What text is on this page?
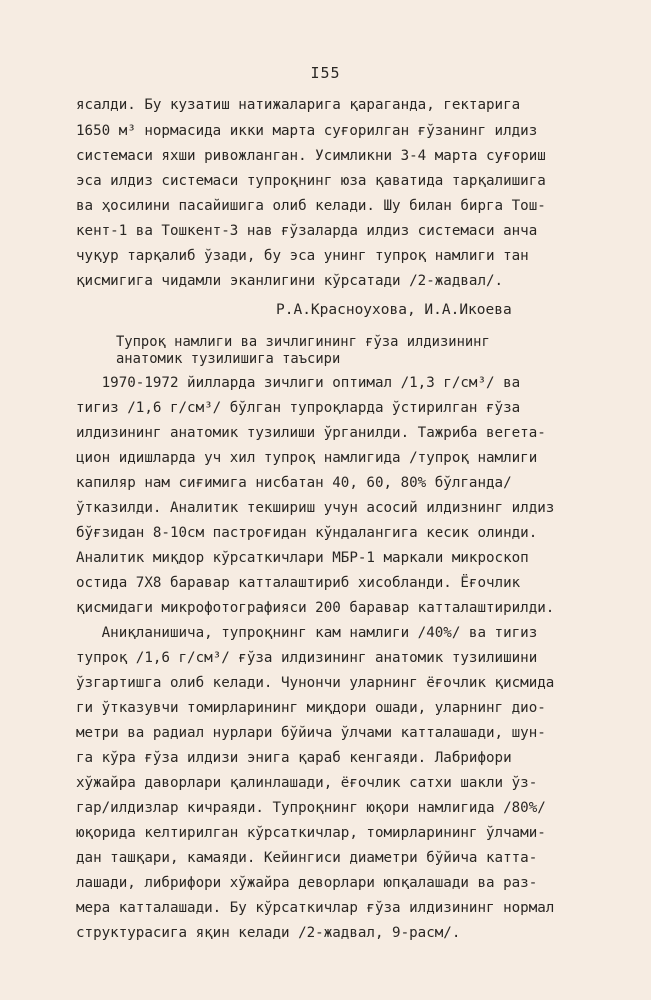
I55
ясалди. Бу кузатиш натижаларига қараганда, гектарига
1650 м³ нормасида икки марта суғорилган ғўзанинг илдиз
системаси яхши ривожланган. Усимликни 3-4 марта суғориш
эса илдиз системаси тупроқнинг юза қаватида тарқалишига
ва ҳосилини пасайишига олиб келади. Шу билан бирга Тош-
кент-1 ва Тошкент-3 нав ғўзаларда илдиз системаси анча
чуқур тарқалиб ўзади, бу эса унинг тупроқ намлиги тан
қисмигига чидамли эканлигини кўрсатади /2-жадвал/.
Р.А.Красноухова, И.А.Икоева
Тупроқ намлиги ва зичлигининг ғўза илдизининг
анатомик тузилишига таъсири
1970-1972 йилларда зичлиги оптимал /1,3 г/см³/ ва
тигиз /1,6 г/см³/ бўлган тупроқларда ўстирилган ғўза
илдизининг анатомик тузилиши ўрганилди. Тажриба вегета-
цион идишларда уч хил тупроқ намлигида /тупроқ намлиги
капиляр нам сиғимига нисбатан 40, 60, 80% бўлганда/
ўтказилди. Аналитик текшириш учун асосий илдизнинг илдиз
бўғзидан 8-10см пастроғидан кўндалангига кесик олинди.
Аналитик миқдор кўрсаткичлари МБР-1 маркали микроскоп
остида 7Х8 баравар катталаштириб хисобланди. Ёғочлик
қисмидаги микрофотографияси 200 баравар катталаштирилди.
Аниқланишича, тупроқнинг кам намлиги /40%/ ва тигиз
тупроқ /1,6 г/см³/ ғўза илдизининг анатомик тузилишини
ўзгартишга олиб келади. Чунончи уларнинг ёғочлик қисмида
ги ўтказувчи томирларининг миқдори ошади, уларнинг дио-
метри ва радиал нурлари бўйича ўлчами катталашади, шун-
га кўра ғўза илдизи энига қараб кенгаяди. Лабрифори
хўжайра даворлари қалинлашади, ёғочлик сатхи шакли ўз-
гар/илдизлар кичраяди. Тупроқнинг юқори намлигида /80%/
юқорида келтирилган кўрсаткичлар, томирларининг ўлчами-
дан ташқари, камаяди. Кейингиси диаметри бўйича катта-
лашади, либрифори хўжайра деворлари юпқалашади ва раз-
мера катталашади. Бу кўрсаткичлар ғўза илдизининг нормал
структурасига яқин келади /2-жадвал, 9-расм/.
